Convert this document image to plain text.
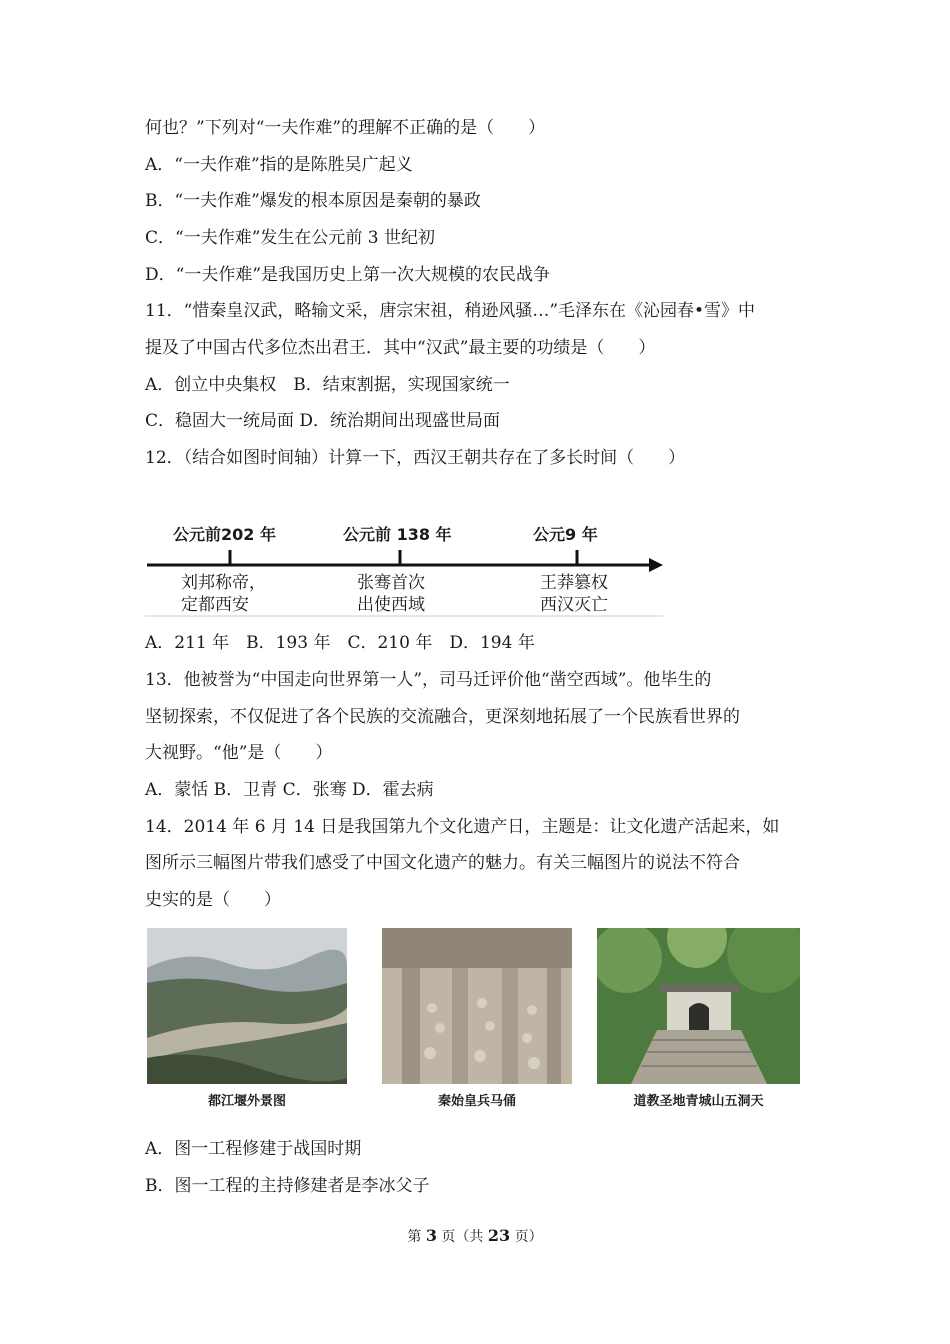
何也？”下列对“一夫作难”的理解不正确的是（　　）
A．“一夫作难”指的是陈胜吴广起义
B．“一夫作难”爆发的根本原因是秦朝的暴政
C．“一夫作难”发生在公元前 3 世纪初
D．“一夫作难”是我国历史上第一次大规模的农民战争
11．“惜秦皇汉武，略输文采，唐宗宋祖，稍逊风骚…”毛泽东在《沁园春•雪》中
提及了中国古代多位杰出君王．其中“汉武”最主要的功绩是（　　）
A．创立中央集权　B．结束割据，实现国家统一
C．稳固大一统局面 D．统治期间出现盛世局面
12．（结合如图时间轴）计算一下，西汉王朝共存在了多长时间（　　）
公元前202 年	公元前 138 年	公元9 年
刘邦称帝，
定都西安
张骞首次
出使西域
王莽篡权
西汉灭亡
A．211 年　B．193 年　C．210 年　D．194 年
13．他被誉为“中国走向世界第一人”，司马迁评价他“凿空西域”。他毕生的
坚韧探索，不仅促进了各个民族的交流融合，更深刻地拓展了一个民族看世界的
大视野。“他”是（　　）
A．蒙恬 B．卫青 C．张骞 D．霍去病
14．2014 年 6 月 14 日是我国第九个文化遗产日，主题是：让文化遗产活起来，如
图所示三幅图片带我们感受了中国文化遗产的魅力。有关三幅图片的说法不符合
史实的是（　　）
都江堰外景图	秦始皇兵马俑	道教圣地青城山五洞天
A．图一工程修建于战国时期
B．图一工程的主持修建者是李冰父子
第 3 页（共 23 页）
